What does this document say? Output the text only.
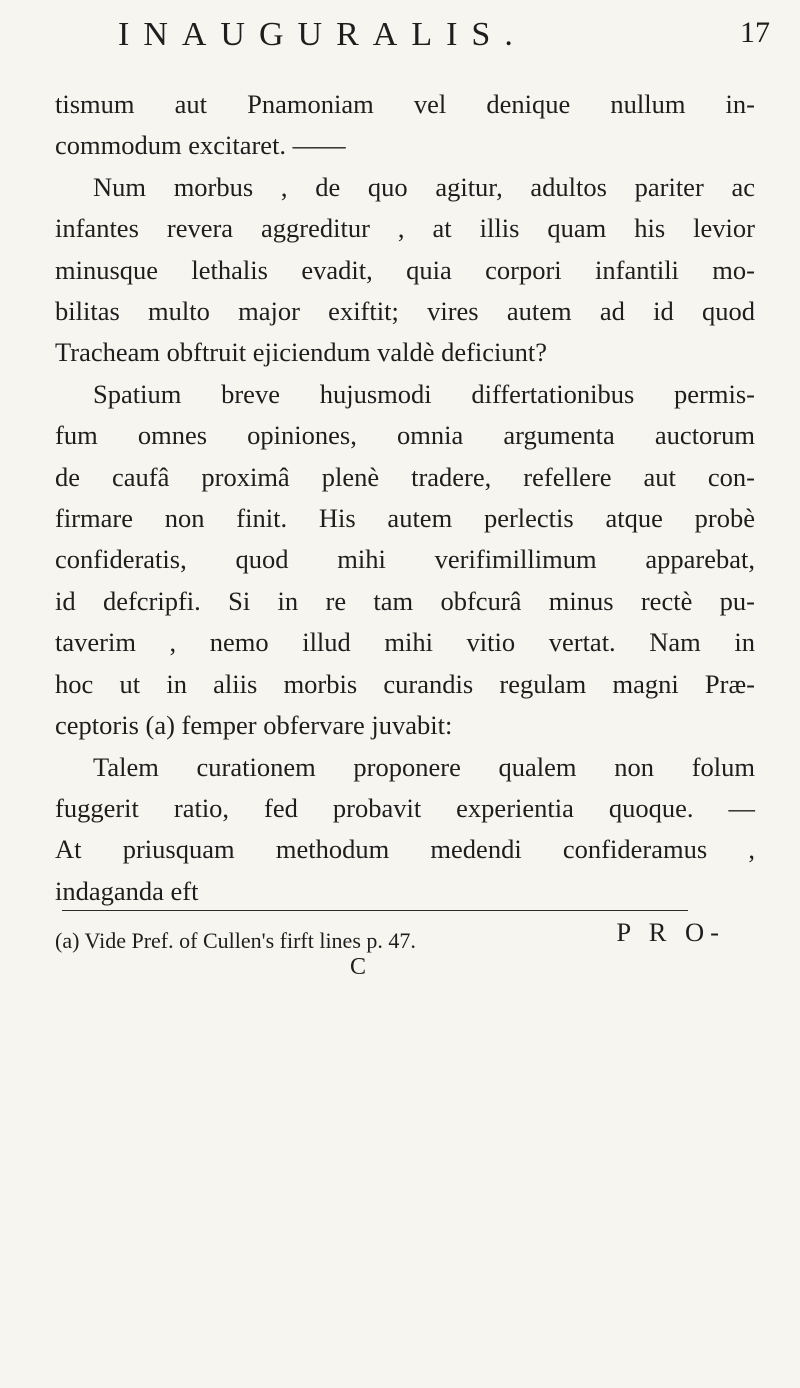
INAUGURALIS.	17
tismum aut Pnamoniam vel denique nullum in-
commodum excitaret. ——
Num morbus , de quo agitur, adultos pariter ac
infantes revera aggreditur , at illis quam his levior
minusque lethalis evadit, quia corpori infantili mo-
bilitas multo major exiftit; vires autem ad id quod
Tracheam obftruit ejiciendum valdè deficiunt?
Spatium breve hujusmodi differtationibus permis-
fum omnes opiniones, omnia argumenta auctorum
de caufâ proximâ plenè tradere, refellere aut con-
firmare non finit. His autem perlectis atque probè
confideratis, quod mihi verifimillimum apparebat,
id defcripfi. Si in re tam obfcurâ minus rectè pu-
taverim , nemo illud mihi vitio vertat. Nam in
hoc ut in aliis morbis curandis regulam magni Præ-
ceptoris (a) femper obfervare juvabit:
Talem curationem proponere qualem non folum
fuggerit ratio, fed probavit experientia quoque. —
At priusquam methodum medendi confideramus ,
indaganda eft
P R O-
(a) Vide Pref. of Cullen's firft lines p. 47.
C
